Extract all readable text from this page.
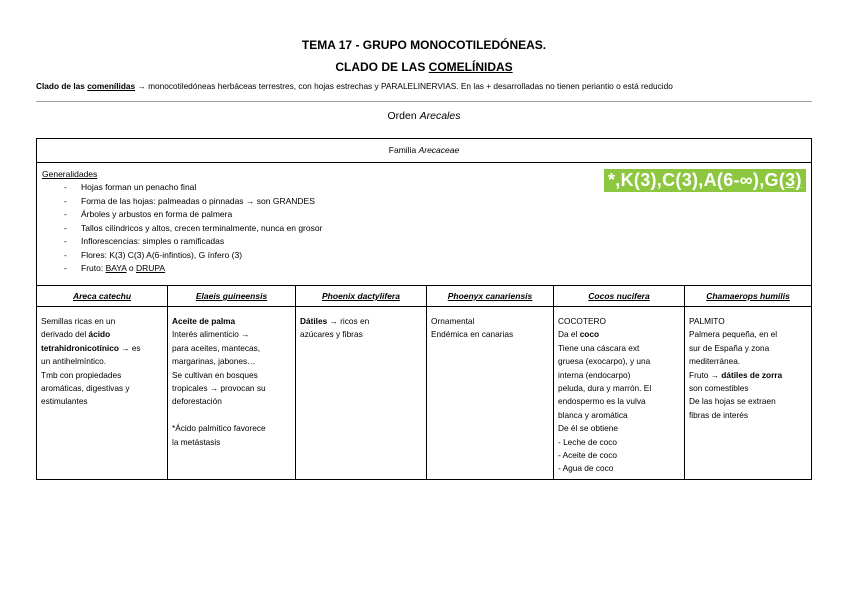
TEMA 17 - GRUPO MONOCOTILEDÓNEAS.
CLADO DE LAS COMELÍNIDAS
Clado de las comenílidas → monocotiledóneas herbáceas terrestres, con hojas estrechas y PARALELINERVIAS. En las + desarrolladas no tienen periantio o está reducido
Orden Arecales
Familia Arecaceae
Generalidades
- Hojas forman un penacho final
- Forma de las hojas: palmeadas o pinnadas → son GRANDES
- Árboles y arbustos en forma de palmera
- Tallos cilíndricos y altos, crecen terminalmente, nunca en grosor
- Inflorescencias: simples o ramificadas
- Flores: K(3) C(3) A(6-infintios), G ínfero (3)
- Fruto: BAYA o DRUPA
*,K(3),C(3),A(6-∞),G(3)
Areca catechu
Semillas ricas en un
derivado del ácido
tetrahidronicotínico → es
un antihelmíntico.
Tmb con propiedades
aromáticas, digestivas y
estimulantes
Elaeis guineensis
Aceite de palma
Interés alimenticio →
para aceites, mantecas,
margarinas, jabones…
Se cultivan en bosques
tropicales → provocan su
deforestación
*Ácido palmítico favorece
la metástasis
Phoenix dactylifera
Dátiles → ricos en
azúcares y fibras
Phoenyx canariensis
Ornamental
Endémica en canarias
Cocos nucifera
COCOTERO
Da el coco
Tiene una cáscara ext
gruesa (exocarpo), y una
interna (endocarpo)
peluda, dura y marrón. El
endospermo es la vulva
blanca y aromática
De él se obtiene
- Leche de coco
- Aceite de coco
- Agua de coco
Chamaerops humilis
PALMITO
Palmera pequeña, en el
sur de España y zona
mediterránea.
Fruto → dátiles de zorra
son comestibles
De las hojas se extraen
fibras de interés
